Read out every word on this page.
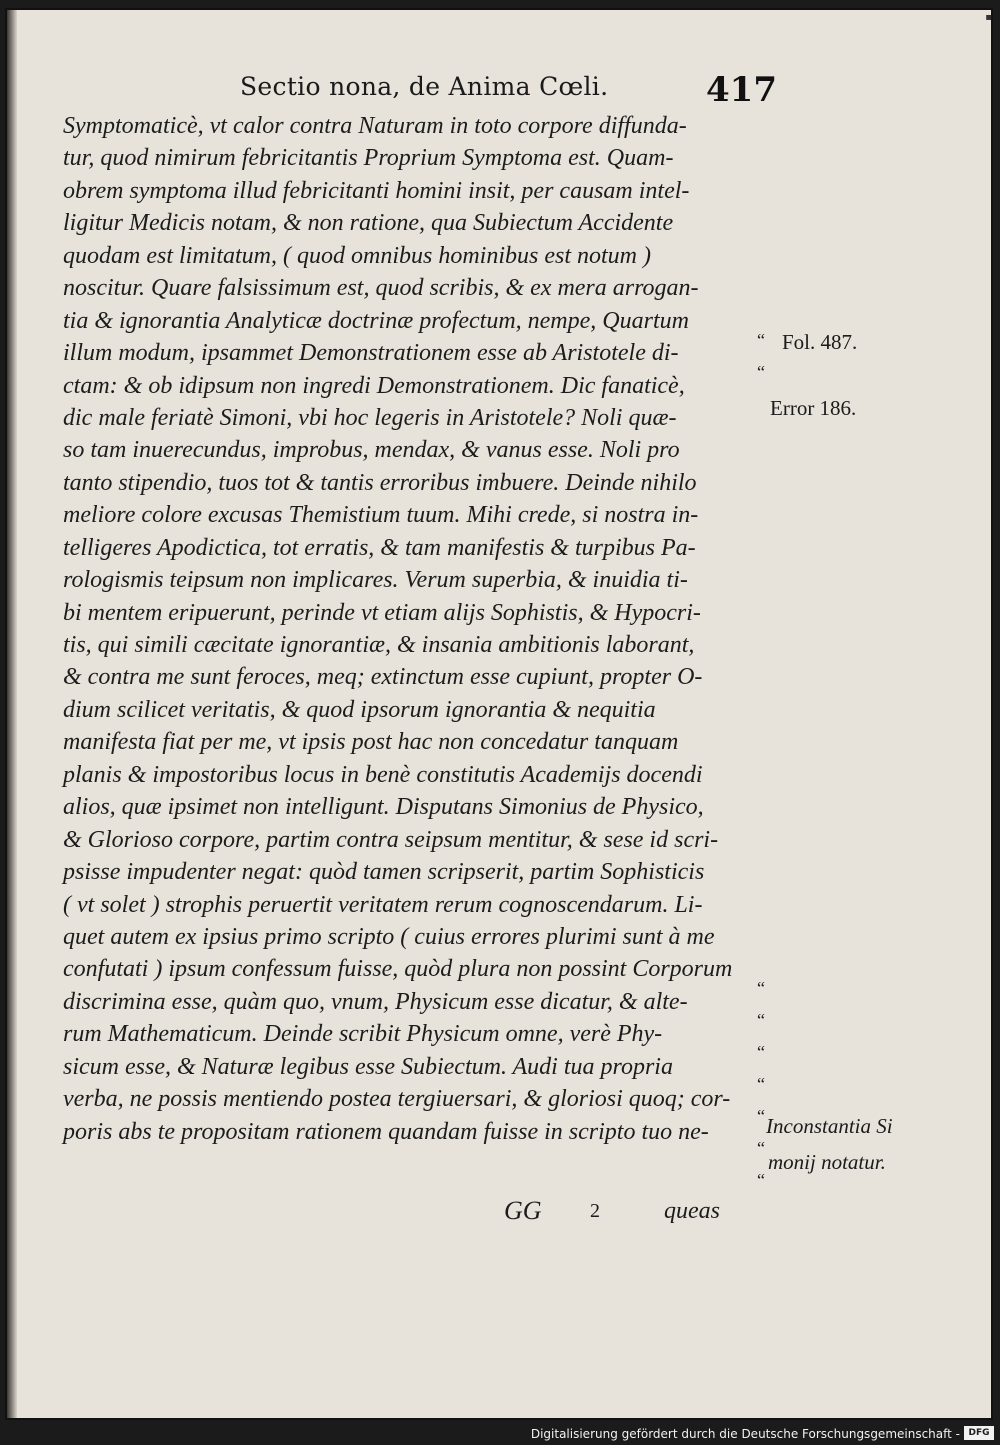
▪
Sectio nona, de Anima Cœli.	417
Symptomaticè, vt calor contra Naturam in toto corpore diffunda-
tur, quod nimirum febricitantis Proprium Symptoma est. Quam-
obrem symptoma illud febricitanti homini insit, per causam intel-
ligitur Medicis notam, & non ratione, qua Subiectum Accidente
quodam est limitatum, ( quod omnibus hominibus est notum )
noscitur. Quare falsissimum est, quod scribis, & ex mera arrogan-
tia & ignorantia Analyticæ doctrinæ profectum, nempe, Quartum
illum modum, ipsammet Demonstrationem esse ab Aristotele di-
ctam: & ob idipsum non ingredi Demonstrationem. Dic fanaticè,
dic male feriatè Simoni, vbi hoc legeris in Aristotele? Noli quæ-
so tam inuerecundus, improbus, mendax, & vanus esse. Noli pro
tanto stipendio, tuos tot & tantis erroribus imbuere. Deinde nihilo
meliore colore excusas Themistium tuum. Mihi crede, si nostra in-
telligeres Apodictica, tot erratis, & tam manifestis & turpibus Pa-
rologismis teipsum non implicares. Verum superbia, & inuidia ti-
bi mentem eripuerunt, perinde vt etiam alijs Sophistis, & Hypocri-
tis, qui simili cæcitate ignorantiæ, & insania ambitionis laborant,
& contra me sunt feroces, meq; extinctum esse cupiunt, propter O-
dium scilicet veritatis, & quod ipsorum ignorantia & nequitia
manifesta fiat per me, vt ipsis post hac non concedatur tanquam
planis & impostoribus locus in benè constitutis Academijs docendi
alios, quæ ipsimet non intelligunt. Disputans Simonius de Physico,
& Glorioso corpore, partim contra seipsum mentitur, & sese id scri-
psisse impudenter negat: quòd tamen scripserit, partim Sophisticis
( vt solet ) strophis peruertit veritatem rerum cognoscendarum. Li-
quet autem ex ipsius primo scripto ( cuius errores plurimi sunt à me
confutati ) ipsum confessum fuisse, quòd plura non possint Corporum
discrimina esse, quàm quo, vnum, Physicum esse dicatur, & alte-
rum Mathematicum. Deinde scribit Physicum omne, verè Phy-
sicum esse, & Naturæ legibus esse Subiectum. Audi tua propria
verba, ne possis mentiendo postea tergiuersari, & gloriosi quoq; cor-
poris abs te propositam rationem quandam fuisse in scripto tuo ne-
“
“
“
“
“
“
“
“
“
Fol. 487.
Error 186.
Inconstantia Si
monij notatur.
GG 2	queas
Digitalisierung gefördert durch die Deutsche Forschungsgemeinschaft - DFG
